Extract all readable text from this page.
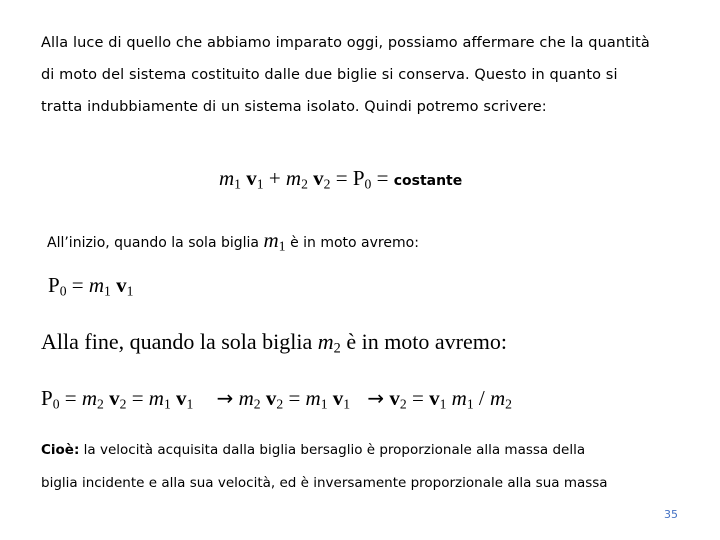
Alla luce di quello che abbiamo imparato oggi, possiamo affermare che la quantità
di moto del sistema costituito dalle due biglie si conserva. Questo in quanto si
tratta indubbiamente di un sistema isolato. Quindi potremo scrivere:
$m_1$ $v_1 + m_2$ $v_2 = P_0$ = costante
All’inizio, quando la sola biglia $m_1$ è in moto avremo:
$P_0 = m_1$ $v_1$
Alla fine, quando la sola biglia $m_2$ è in moto avremo:
$P_0 = m_2$ $v_2 = m_1$ $v_1 \to m_2$ $v_2 = m_1$ $v_1 \to v_2 = v_1$ $m_1 / m_2$
Cioè: la velocità acquisita dalla biglia bersaglio è proporzionale alla massa della
biglia incidente e alla sua velocità, ed è inversamente proporzionale alla sua massa
35
